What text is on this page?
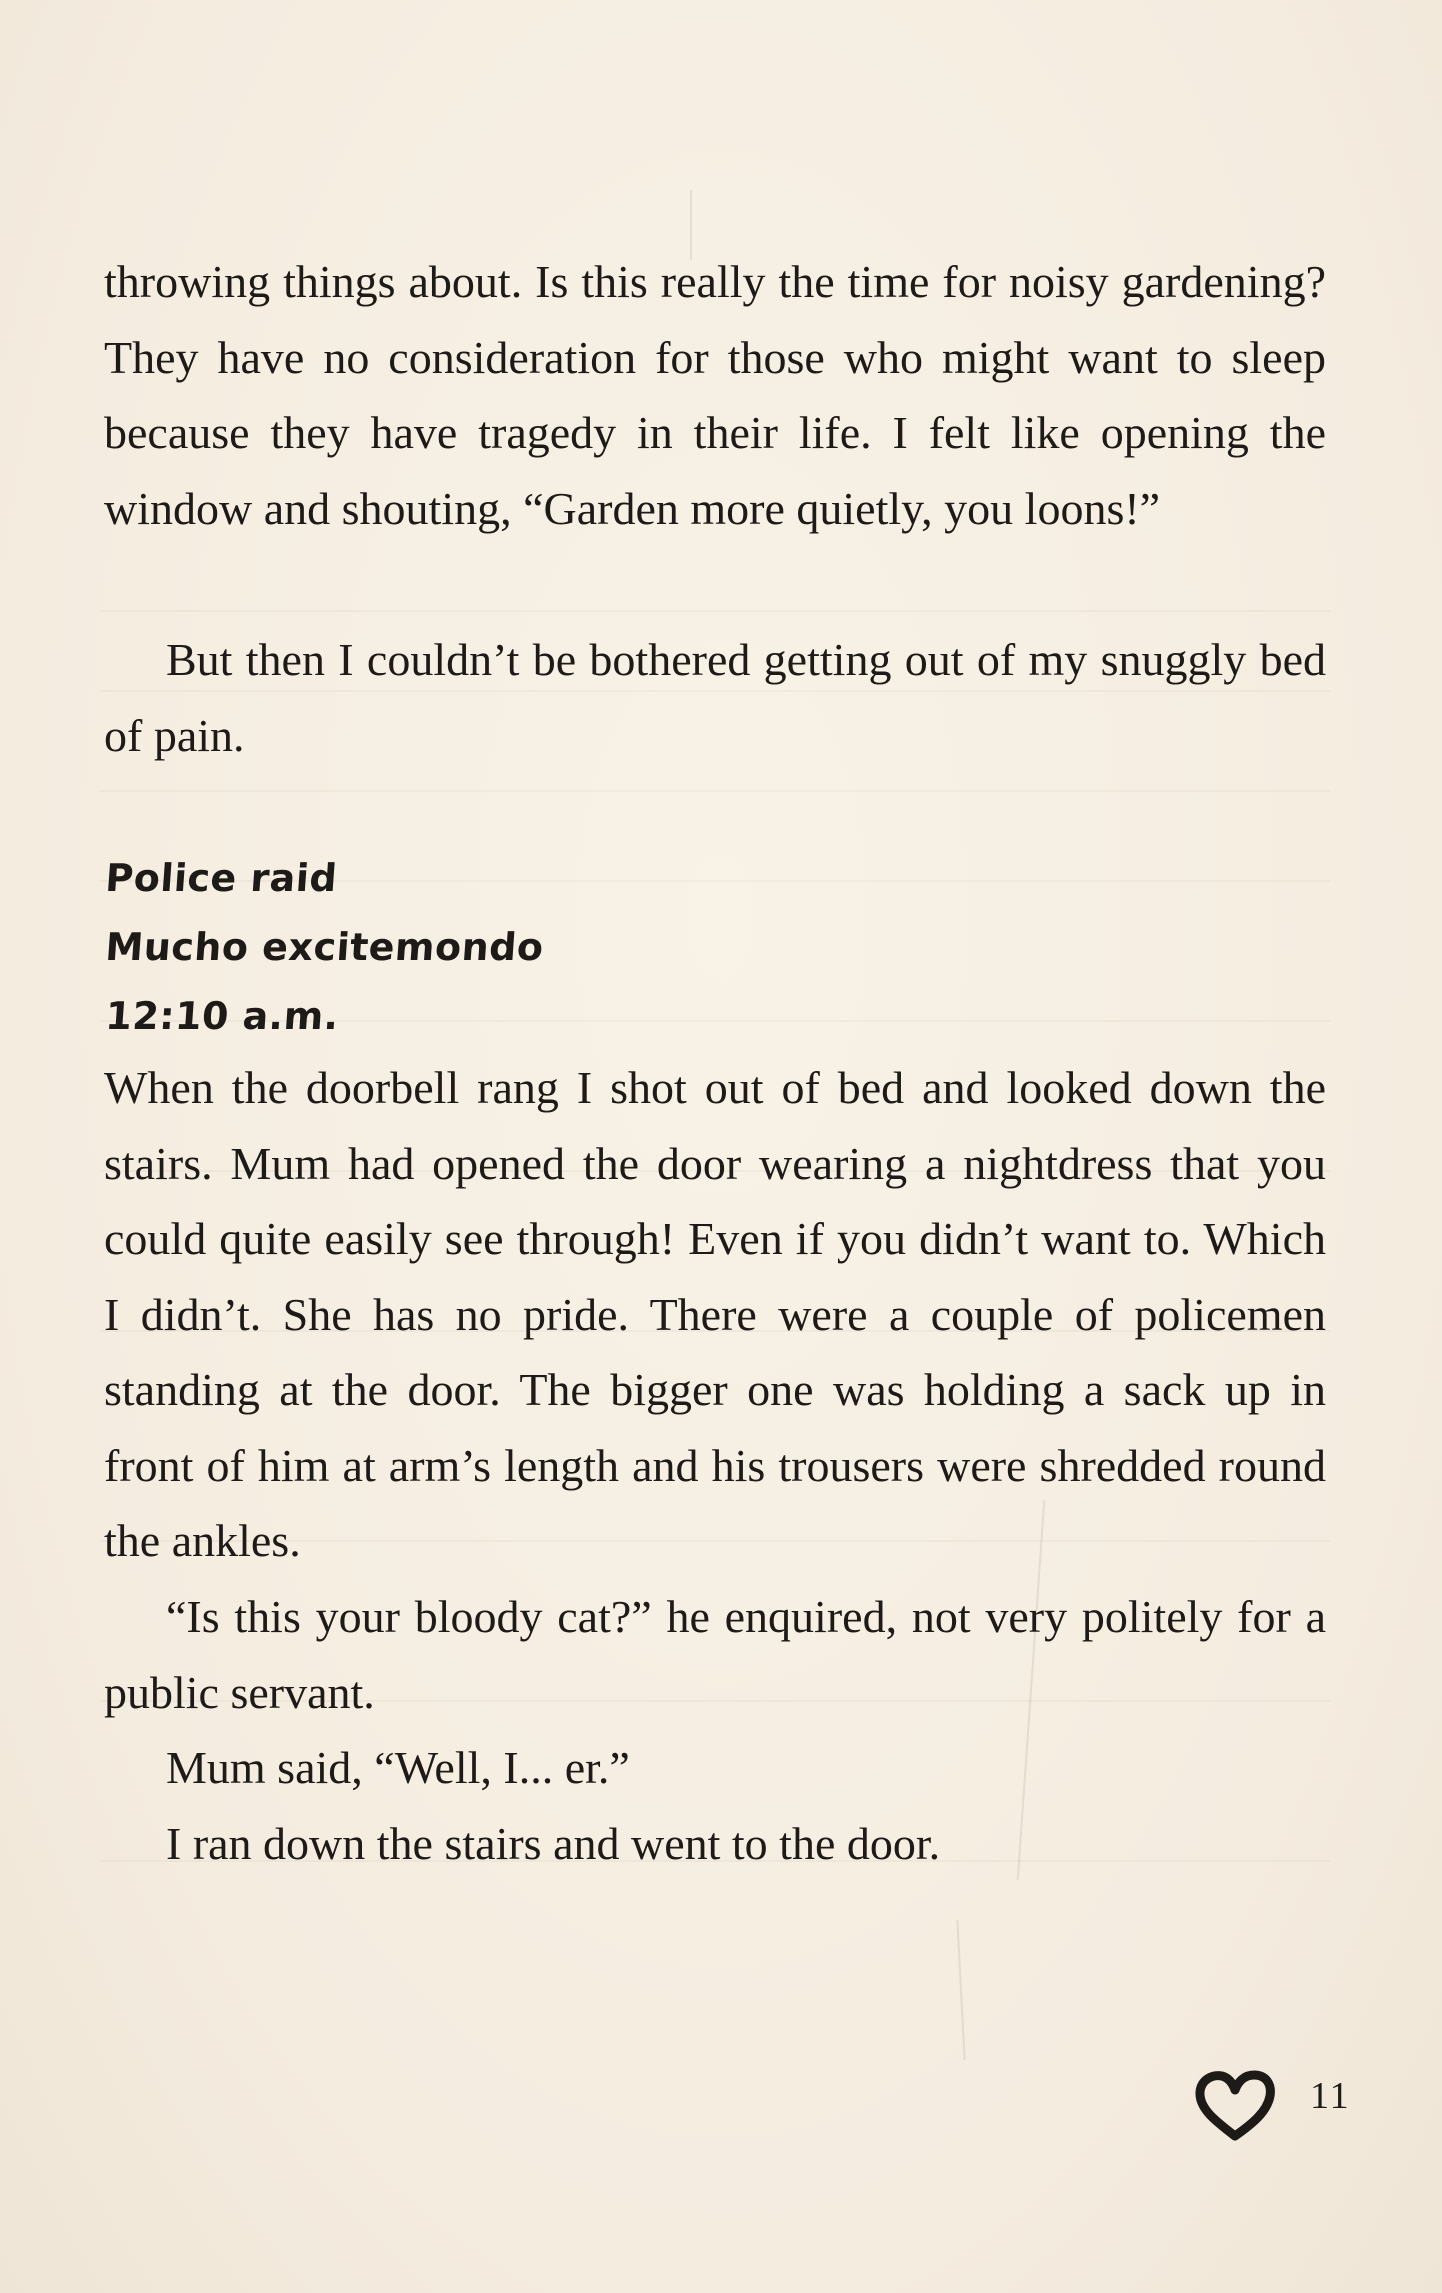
throwing things about. Is this really the time for noisy gardening? They have no consideration for those who might want to sleep because they have tragedy in their life. I felt like opening the window and shouting, “Garden more quietly, you loons!”

But then I couldn’t be bothered getting out of my snuggly bed of pain.

Police raid

Mucho excitemondo

12:10 a.m.

When the doorbell rang I shot out of bed and looked down the stairs. Mum had opened the door wearing a nightdress that you could quite easily see through! Even if you didn’t want to. Which I didn’t. She has no pride. There were a couple of policemen standing at the door. The bigger one was holding a sack up in front of him at arm’s length and his trousers were shredded round the ankles.

“Is this your bloody cat?” he enquired, not very politely for a public servant.

Mum said, “Well, I... er.”

I ran down the stairs and went to the door.

11
